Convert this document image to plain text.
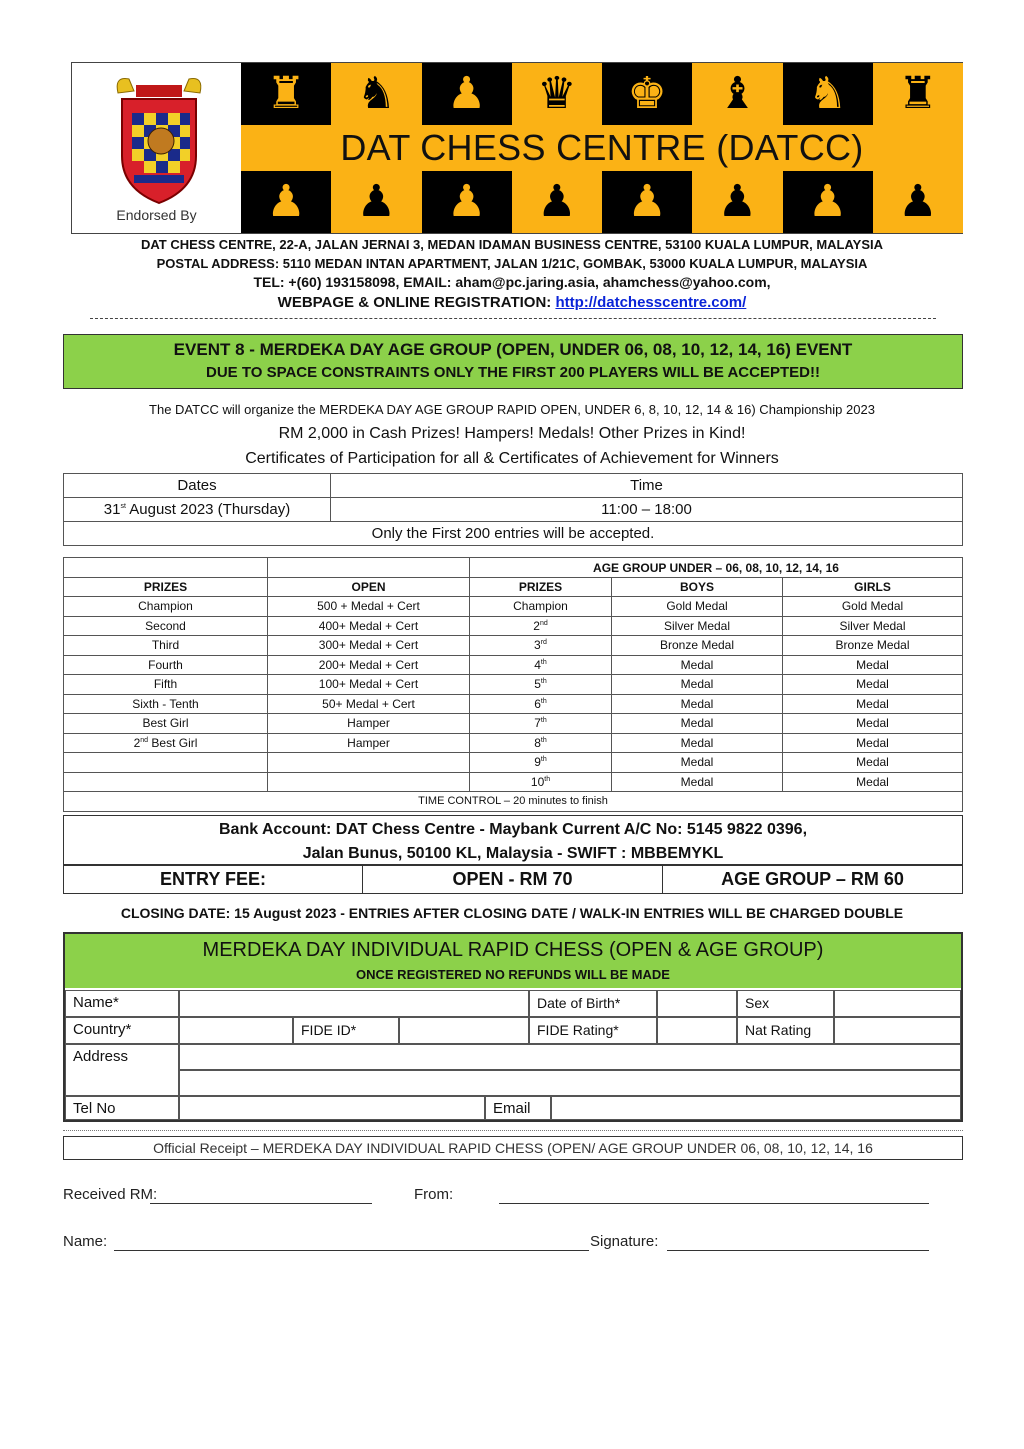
Endorsed By
♜	♞	♟	♛	♚	♝	♞	♜
DAT CHESS CENTRE (DATCC)
♟	♟	♟	♟	♟	♟	♟	♟
DAT CHESS CENTRE, 22-A, JALAN JERNAI 3, MEDAN IDAMAN BUSINESS CENTRE, 53100 KUALA LUMPUR, MALAYSIA
POSTAL ADDRESS: 5110 MEDAN INTAN APARTMENT, JALAN 1/21C, GOMBAK, 53000 KUALA LUMPUR, MALAYSIA
TEL: +(60) 193158098, EMAIL: aham@pc.jaring.asia, ahamchess@yahoo.com,
WEBPAGE & ONLINE REGISTRATION: http://datchesscentre.com/
EVENT 8 - MERDEKA DAY AGE GROUP (OPEN, UNDER 06, 08, 10, 12, 14, 16) EVENT
DUE TO SPACE CONSTRAINTS ONLY THE FIRST 200 PLAYERS WILL BE ACCEPTED!!
The DATCC will organize the MERDEKA DAY AGE GROUP RAPID OPEN, UNDER 6, 8, 10, 12, 14 & 16) Championship 2023
RM 2,000 in Cash Prizes! Hampers! Medals! Other Prizes in Kind!
Certificates of Participation for all & Certificates of Achievement for Winners
Dates	Time
31st August 2023 (Thursday)	11:00 – 18:00
Only the First 200 entries will be accepted.	
		AGE GROUP UNDER – 06, 08, 10, 12, 14, 16		
PRIZES	OPEN	PRIZES	BOYS	GIRLS
Champion	500 + Medal + Cert	Champion	Gold Medal	Gold Medal
Second	400+ Medal + Cert	2nd	Silver Medal	Silver Medal
Third	300+ Medal + Cert	3rd	Bronze Medal	Bronze Medal
Fourth	200+ Medal + Cert	4th	Medal	Medal
Fifth	100+ Medal + Cert	5th	Medal	Medal
Sixth - Tenth	50+ Medal + Cert	6th	Medal	Medal
Best Girl	Hamper	7th	Medal	Medal
2nd Best Girl	Hamper	8th	Medal	Medal
		9th	Medal	Medal
		10th	Medal	Medal
TIME CONTROL – 20 minutes to finish				
Bank Account: DAT Chess Centre - Maybank Current A/C No: 5145 9822 0396,
Jalan Bunus, 50100 KL, Malaysia - SWIFT : MBBEMYKL
ENTRY FEE:	OPEN - RM 70	AGE GROUP – RM 60
CLOSING DATE: 15 August 2023 - ENTRIES AFTER CLOSING DATE / WALK-IN ENTRIES WILL BE CHARGED DOUBLE
MERDEKA DAY INDIVIDUAL RAPID CHESS (OPEN & AGE GROUP)
ONCE REGISTERED NO REFUNDS WILL BE MADE
Name*	Date of Birth*	Sex
Country*	FIDE ID*	FIDE Rating*	Nat Rating
Address
Tel No	Email
Official Receipt – MERDEKA DAY INDIVIDUAL RAPID CHESS (OPEN/ AGE GROUP UNDER 06, 08, 10, 12, 14, 16
Received RM:	From:
Name:	Signature:
